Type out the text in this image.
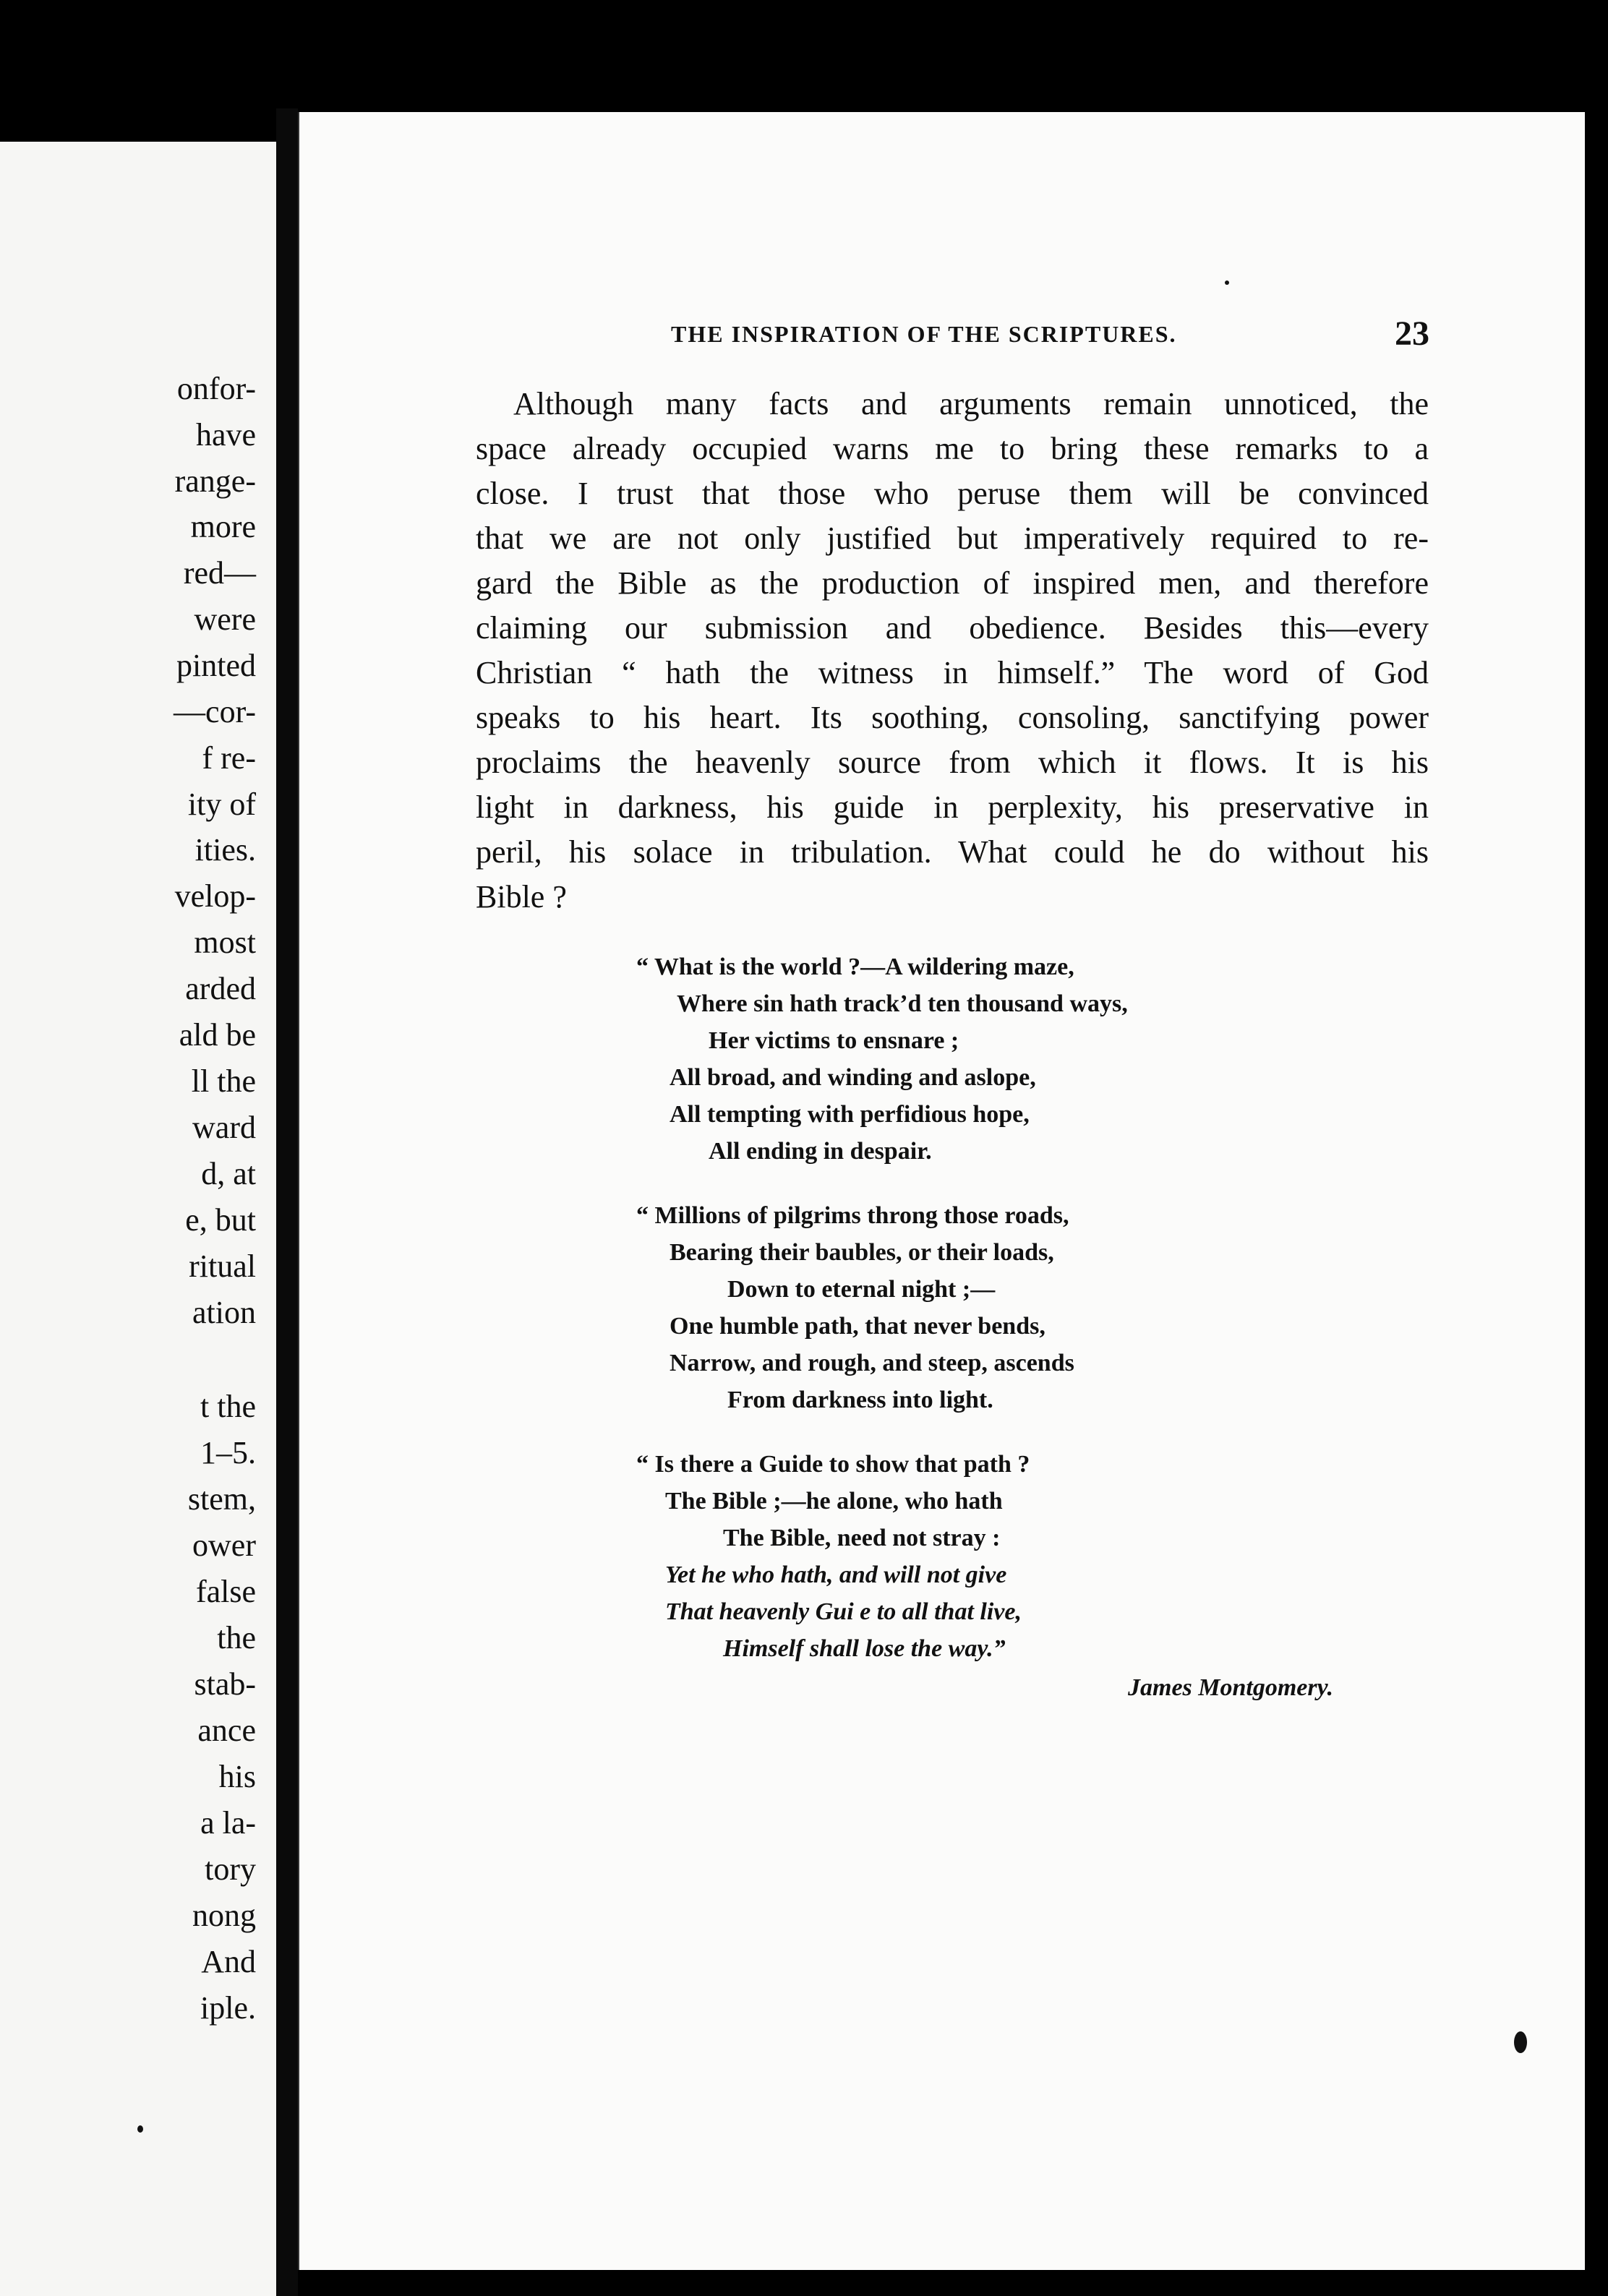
onfor-
have
range-
more
red—
were
pinted
—cor-
f re-
ity of
ities.
velop-
most
arded
ald be
ll the
ward
d, at
e, but
ritual
ation
t the
1–5.
stem,
ower
false
the
stab-
ance
his
a la-
tory
nong
And
iple.
THE INSPIRATION OF THE SCRIPTURES.	23
Although many facts and arguments remain unnoticed, the
space already occupied warns me to bring these remarks to a
close. I trust that those who peruse them will be convinced
that we are not only justified but imperatively required to re-
gard the Bible as the production of inspired men, and therefore
claiming our submission and obedience. Besides this—every
Christian “ hath the witness in himself.” The word of God
speaks to his heart. Its soothing, consoling, sanctifying power
proclaims the heavenly source from which it flows. It is his
light in darkness, his guide in perplexity, his preservative in
peril, his solace in tribulation. What could he do without his
Bible ?
“ What is the world ?—A wildering maze,
Where sin hath track’d ten thousand ways,
Her victims to ensnare ;
All broad, and winding and aslope,
All tempting with perfidious hope,
All ending in despair.
“ Millions of pilgrims throng those roads,
Bearing their baubles, or their loads,
Down to eternal night ;—
One humble path, that never bends,
Narrow, and rough, and steep, ascends
From darkness into light.
“ Is there a Guide to show that path ?
The Bible ;—he alone, who hath
The Bible, need not stray :
Yet he who hath, and will not give
That heavenly Gui e to all that live,
Himself shall lose the way.”
James Montgomery.
